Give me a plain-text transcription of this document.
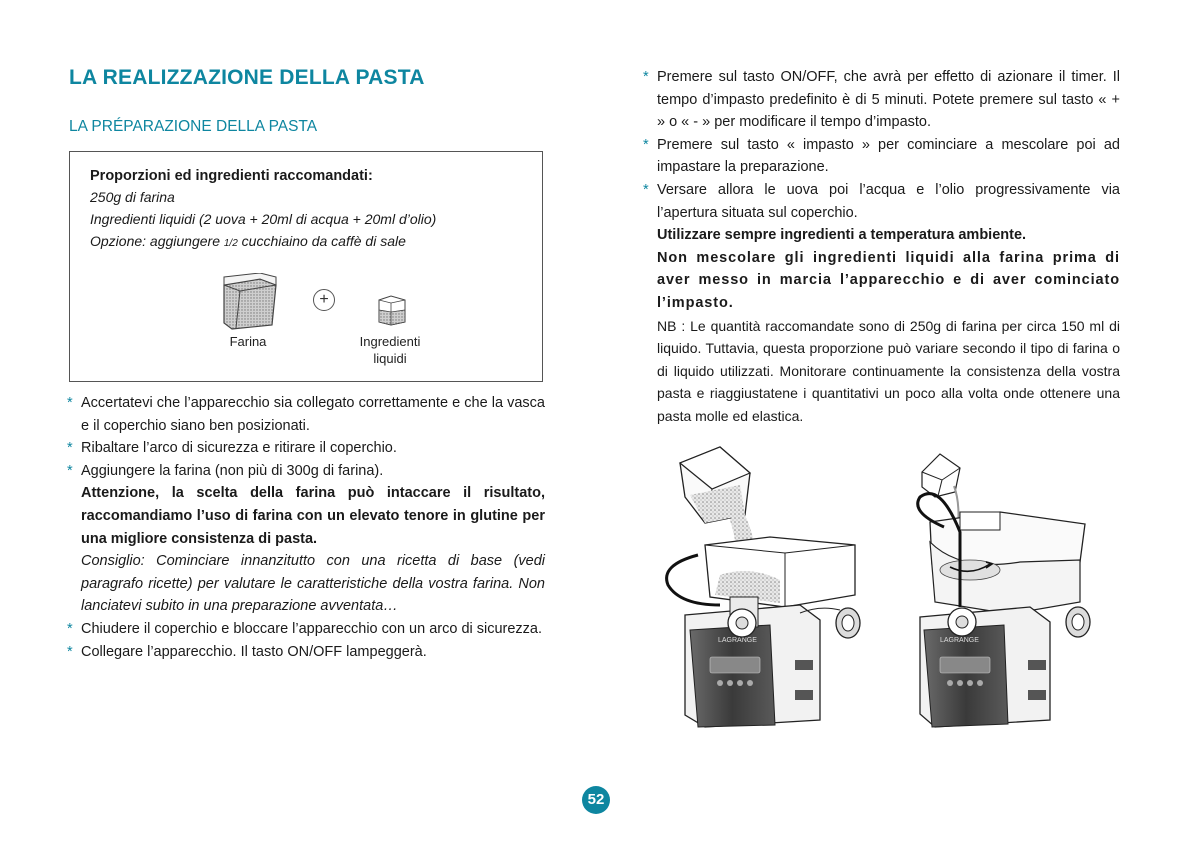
LA REALIZZAZIONE DELLA PASTA
LA PRÉPARAZIONE DELLA PASTA
Proporzioni ed ingredienti raccomandati:
250g di farina
Ingredienti liquidi (2 uova + 20ml di acqua + 20ml d’olio)
Opzione: aggiungere 1/2 cucchiaino da caffè di sale
+
Farina	Ingredienti
liquidi

* Accertatevi che l’apparecchio sia collegato correttamente e che la vasca e il coperchio siano ben posizionati.

* Ribaltare l’arco di sicurezza e ritirare il coperchio.

* Aggiungere la farina (non più di 300g di farina).

Attenzione, la scelta della farina può intaccare il risultato, raccomandiamo l’uso di farina con un elevato tenore in glutine per una migliore consistenza di pasta.

Consiglio: Cominciare innanzitutto con una ricetta di base (vedi paragrafo ricette) per valutare le caratteristiche della vostra farina. Non lanciatevi subito in una preparazione avventata…

* Chiudere il coperchio e bloccare l’apparecchio con un arco di sicurezza.

* Collegare l’apparecchio. Il tasto ON/OFF lampeggerà.

* Premere sul tasto ON/OFF, che avrà per effetto di azionare il timer. Il tempo d’impasto predefinito è di 5 minuti. Potete premere sul tasto « + » o « - » per modificare il tempo d’impasto.

* Premere sul tasto « impasto » per cominciare a mescolare poi ad impastare la preparazione.

* Versare allora le uova poi l’acqua e l’olio progressivamente via l’apertura situata sul coperchio.

Utilizzare sempre ingredienti a temperatura ambiente.

Non mescolare gli ingredienti liquidi alla farina prima di aver messo in marcia l’apparecchio e di aver cominciato l’impasto.

NB : Le quantità raccomandate sono di 250g di farina per circa 150 ml di liquido. Tuttavia, questa proporzione può variare secondo il tipo di farina o di liquido utilizzati. Monitorare continuamente la consistenza della vostra pasta e riaggiustatene i quantitativi un poco alla volta onde ottenere una pasta molle ed elastica.

LAGRANGE	LAGRANGE
52
